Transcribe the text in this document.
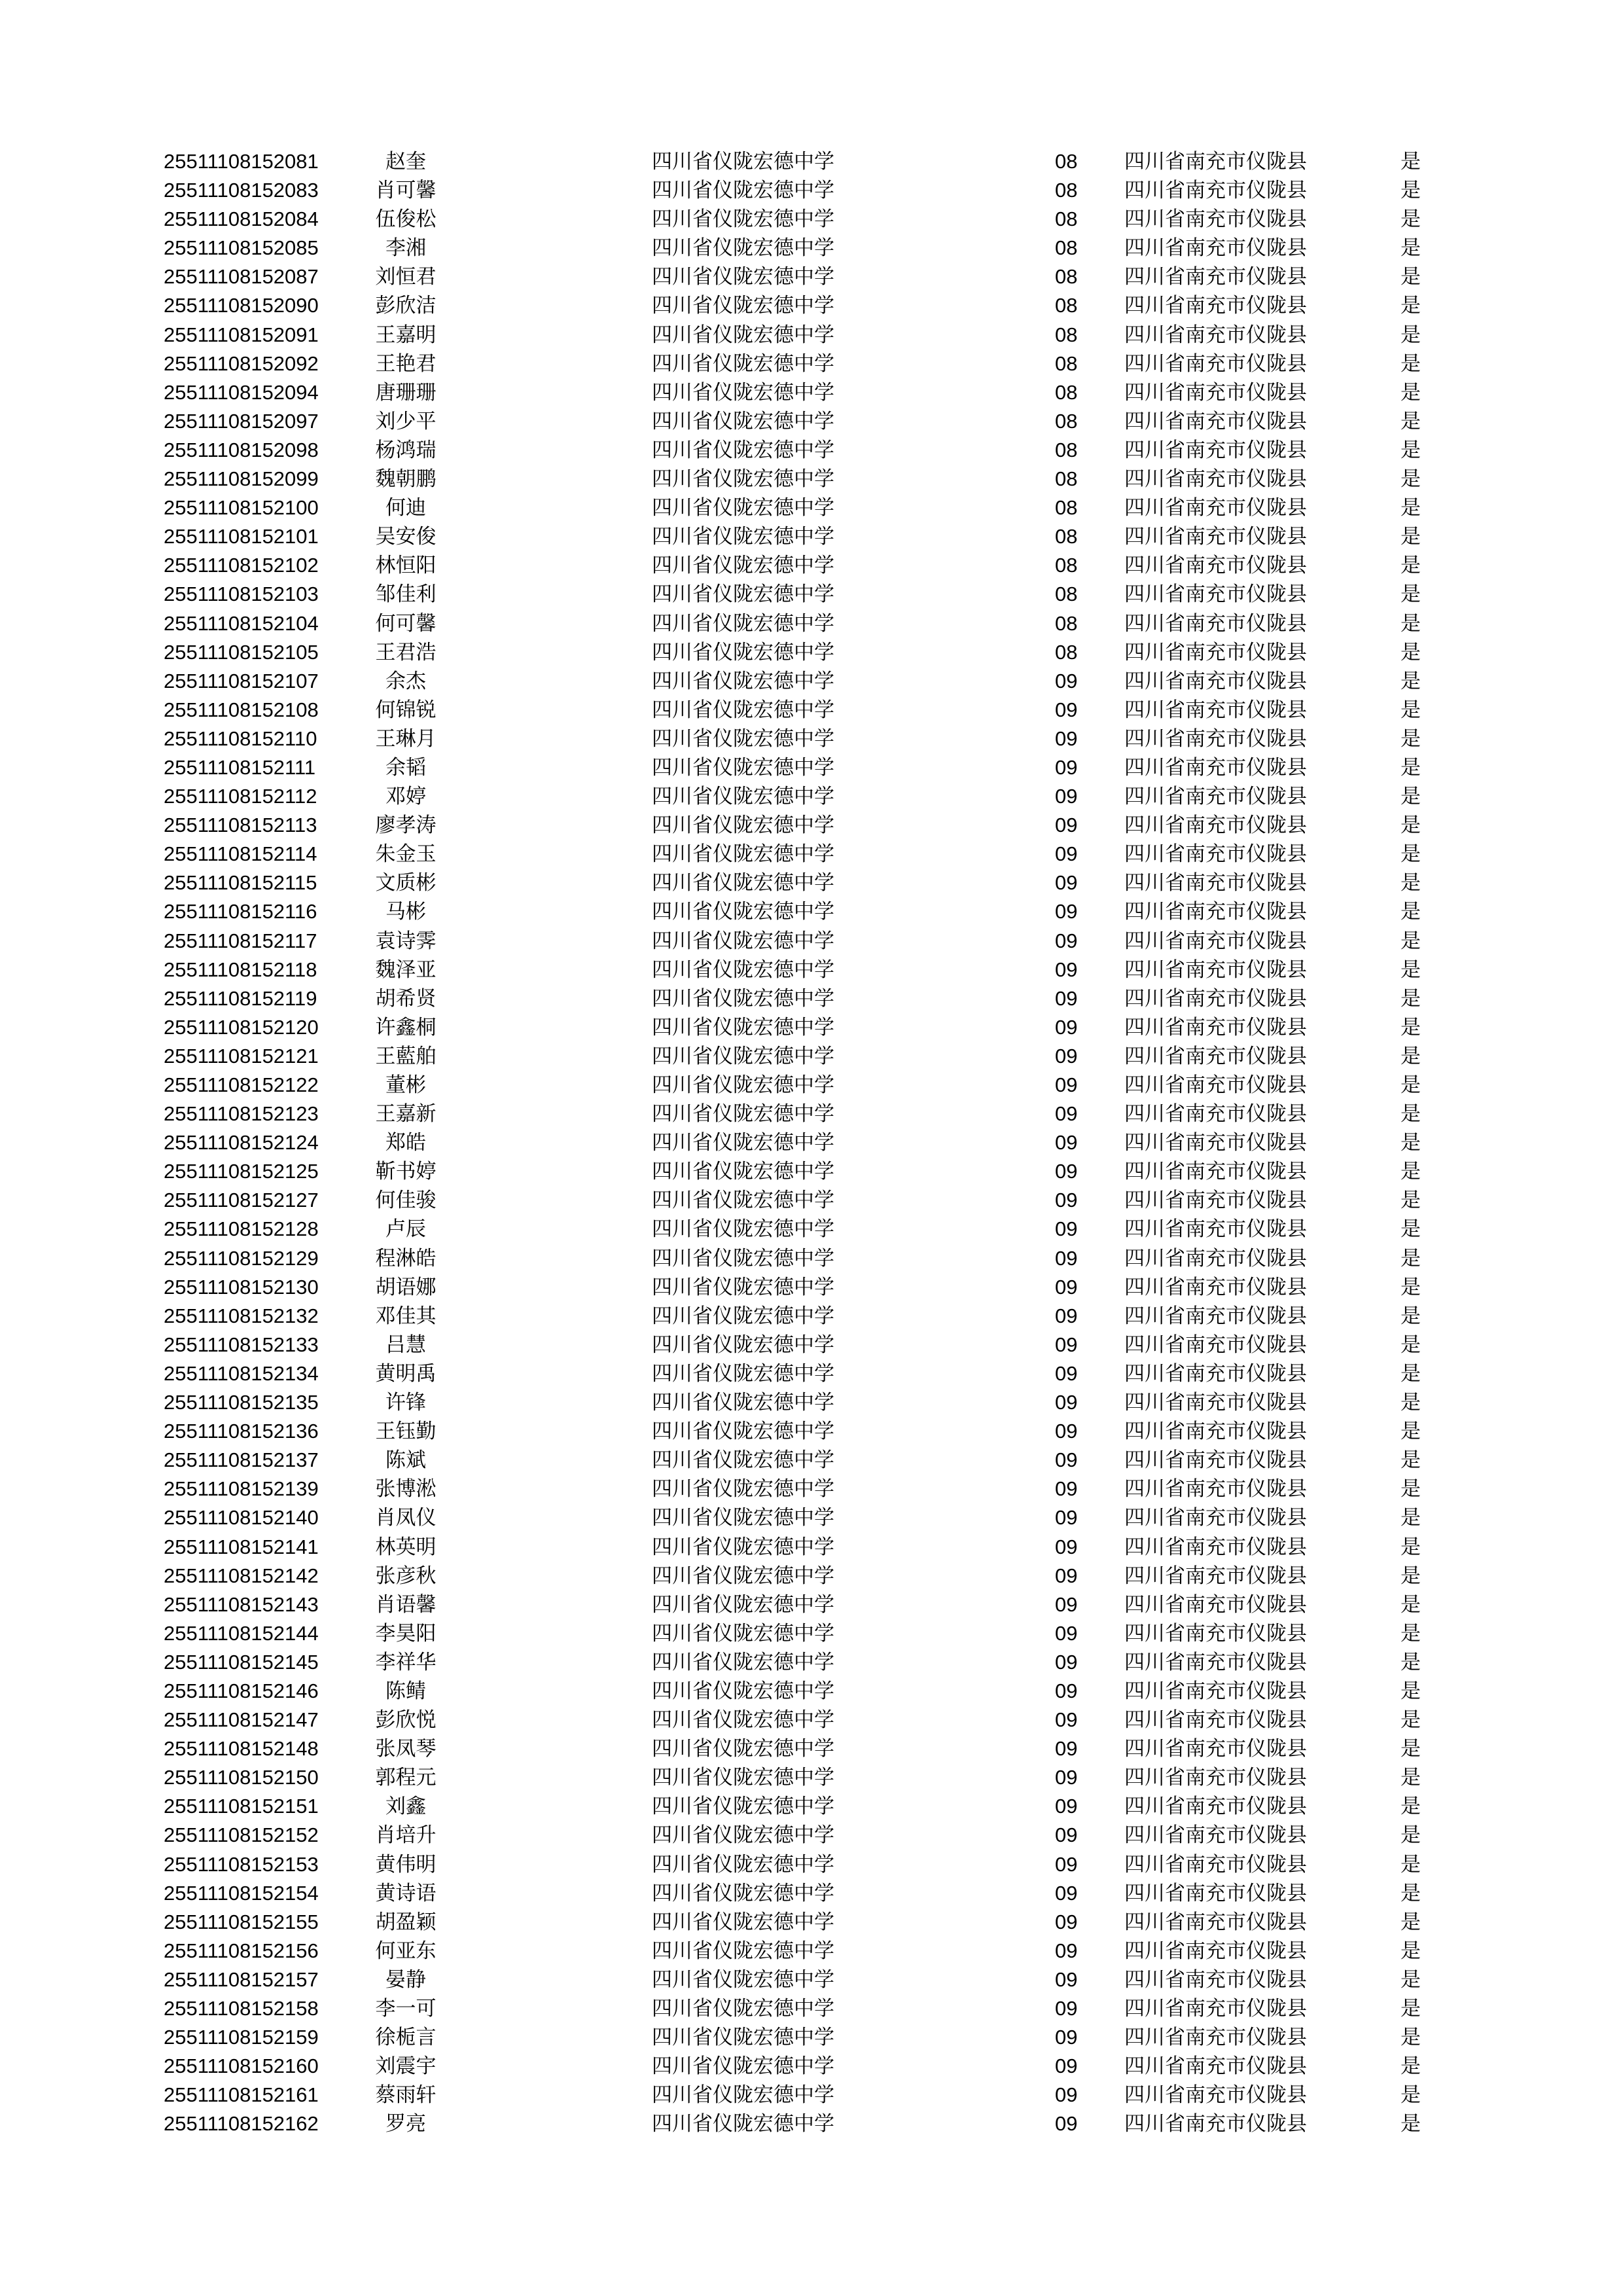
25511108152081	赵奎	四川省仪陇宏德中学	08 四川省南充市仪陇县	是
25511108152083	肖可馨	四川省仪陇宏德中学	08 四川省南充市仪陇县	是
25511108152084	伍俊松	四川省仪陇宏德中学	08 四川省南充市仪陇县	是
25511108152085	李湘	四川省仪陇宏德中学	08 四川省南充市仪陇县	是
25511108152087	刘恒君	四川省仪陇宏德中学	08 四川省南充市仪陇县	是
25511108152090	彭欣洁	四川省仪陇宏德中学	08 四川省南充市仪陇县	是
25511108152091	王嘉明	四川省仪陇宏德中学	08 四川省南充市仪陇县	是
25511108152092	王艳君	四川省仪陇宏德中学	08 四川省南充市仪陇县	是
25511108152094	唐珊珊	四川省仪陇宏德中学	08 四川省南充市仪陇县	是
25511108152097	刘少平	四川省仪陇宏德中学	08 四川省南充市仪陇县	是
25511108152098	杨鸿瑞	四川省仪陇宏德中学	08 四川省南充市仪陇县	是
25511108152099	魏朝鹏	四川省仪陇宏德中学	08 四川省南充市仪陇县	是
25511108152100	何迪	四川省仪陇宏德中学	08 四川省南充市仪陇县	是
25511108152101	吴安俊	四川省仪陇宏德中学	08 四川省南充市仪陇县	是
25511108152102	林恒阳	四川省仪陇宏德中学	08 四川省南充市仪陇县	是
25511108152103	邹佳利	四川省仪陇宏德中学	08 四川省南充市仪陇县	是
25511108152104	何可馨	四川省仪陇宏德中学	08 四川省南充市仪陇县	是
25511108152105	王君浩	四川省仪陇宏德中学	08 四川省南充市仪陇县	是
25511108152107	余杰	四川省仪陇宏德中学	09 四川省南充市仪陇县	是
25511108152108	何锦锐	四川省仪陇宏德中学	09 四川省南充市仪陇县	是
25511108152110	王琳月	四川省仪陇宏德中学	09 四川省南充市仪陇县	是
25511108152111	余韬	四川省仪陇宏德中学	09 四川省南充市仪陇县	是
25511108152112	邓婷	四川省仪陇宏德中学	09 四川省南充市仪陇县	是
25511108152113	廖孝涛	四川省仪陇宏德中学	09 四川省南充市仪陇县	是
25511108152114	朱金玉	四川省仪陇宏德中学	09 四川省南充市仪陇县	是
25511108152115	文质彬	四川省仪陇宏德中学	09 四川省南充市仪陇县	是
25511108152116	马彬	四川省仪陇宏德中学	09 四川省南充市仪陇县	是
25511108152117	袁诗霁	四川省仪陇宏德中学	09 四川省南充市仪陇县	是
25511108152118	魏泽亚	四川省仪陇宏德中学	09 四川省南充市仪陇县	是
25511108152119	胡希贤	四川省仪陇宏德中学	09 四川省南充市仪陇县	是
25511108152120	许鑫桐	四川省仪陇宏德中学	09 四川省南充市仪陇县	是
25511108152121	王藍舶	四川省仪陇宏德中学	09 四川省南充市仪陇县	是
25511108152122	董彬	四川省仪陇宏德中学	09 四川省南充市仪陇县	是
25511108152123	王嘉新	四川省仪陇宏德中学	09 四川省南充市仪陇县	是
25511108152124	郑皓	四川省仪陇宏德中学	09 四川省南充市仪陇县	是
25511108152125	靳书婷	四川省仪陇宏德中学	09 四川省南充市仪陇县	是
25511108152127	何佳骏	四川省仪陇宏德中学	09 四川省南充市仪陇县	是
25511108152128	卢辰	四川省仪陇宏德中学	09 四川省南充市仪陇县	是
25511108152129	程淋皓	四川省仪陇宏德中学	09 四川省南充市仪陇县	是
25511108152130	胡语娜	四川省仪陇宏德中学	09 四川省南充市仪陇县	是
25511108152132	邓佳其	四川省仪陇宏德中学	09 四川省南充市仪陇县	是
25511108152133	吕慧	四川省仪陇宏德中学	09 四川省南充市仪陇县	是
25511108152134	黄明禹	四川省仪陇宏德中学	09 四川省南充市仪陇县	是
25511108152135	许锋	四川省仪陇宏德中学	09 四川省南充市仪陇县	是
25511108152136	王钰勤	四川省仪陇宏德中学	09 四川省南充市仪陇县	是
25511108152137	陈斌	四川省仪陇宏德中学	09 四川省南充市仪陇县	是
25511108152139	张博淞	四川省仪陇宏德中学	09 四川省南充市仪陇县	是
25511108152140	肖凤仪	四川省仪陇宏德中学	09 四川省南充市仪陇县	是
25511108152141	林英明	四川省仪陇宏德中学	09 四川省南充市仪陇县	是
25511108152142	张彦秋	四川省仪陇宏德中学	09 四川省南充市仪陇县	是
25511108152143	肖语馨	四川省仪陇宏德中学	09 四川省南充市仪陇县	是
25511108152144	李昊阳	四川省仪陇宏德中学	09 四川省南充市仪陇县	是
25511108152145	李祥华	四川省仪陇宏德中学	09 四川省南充市仪陇县	是
25511108152146	陈鲭	四川省仪陇宏德中学	09 四川省南充市仪陇县	是
25511108152147	彭欣悦	四川省仪陇宏德中学	09 四川省南充市仪陇县	是
25511108152148	张凤琴	四川省仪陇宏德中学	09 四川省南充市仪陇县	是
25511108152150	郭程元	四川省仪陇宏德中学	09 四川省南充市仪陇县	是
25511108152151	刘鑫	四川省仪陇宏德中学	09 四川省南充市仪陇县	是
25511108152152	肖培升	四川省仪陇宏德中学	09 四川省南充市仪陇县	是
25511108152153	黄伟明	四川省仪陇宏德中学	09 四川省南充市仪陇县	是
25511108152154	黄诗语	四川省仪陇宏德中学	09 四川省南充市仪陇县	是
25511108152155	胡盈颖	四川省仪陇宏德中学	09 四川省南充市仪陇县	是
25511108152156	何亚东	四川省仪陇宏德中学	09 四川省南充市仪陇县	是
25511108152157	晏静	四川省仪陇宏德中学	09 四川省南充市仪陇县	是
25511108152158	李一可	四川省仪陇宏德中学	09 四川省南充市仪陇县	是
25511108152159	徐栀言	四川省仪陇宏德中学	09 四川省南充市仪陇县	是
25511108152160	刘震宇	四川省仪陇宏德中学	09 四川省南充市仪陇县	是
25511108152161	蔡雨轩	四川省仪陇宏德中学	09 四川省南充市仪陇县	是
25511108152162	罗亮	四川省仪陇宏德中学	09 四川省南充市仪陇县	是
